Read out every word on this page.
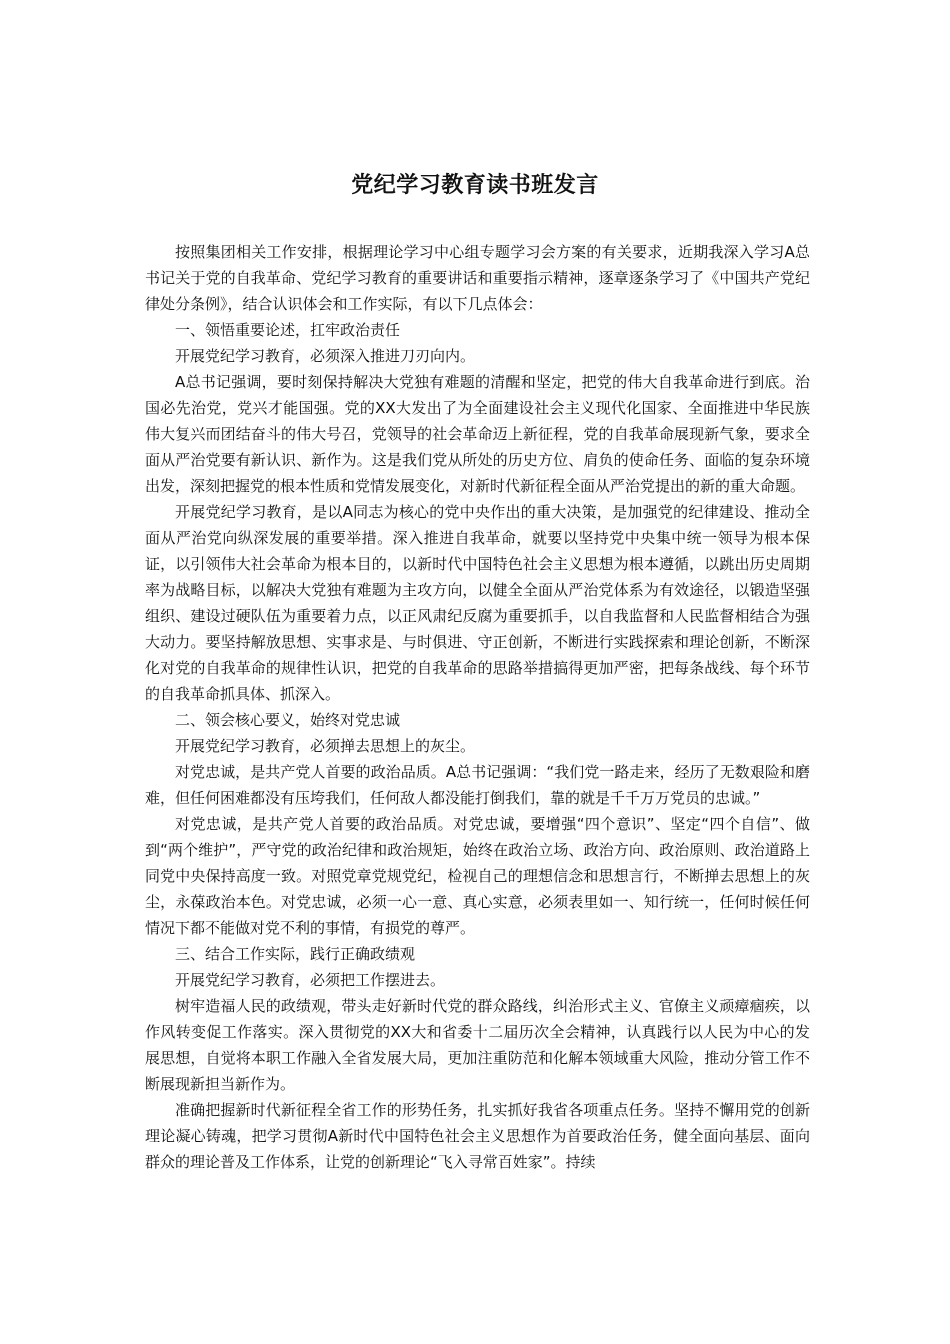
党纪学习教育读书班发言

按照集团相关工作安排，根据理论学习中心组专题学习会方案的有关要求，近期我深入学习A总书记关于党的自我革命、党纪学习教育的重要讲话和重要指示精神，逐章逐条学习了《中国共产党纪律处分条例》，结合认识体会和工作实际，有以下几点体会：

一、领悟重要论述，扛牢政治责任

开展党纪学习教育，必须深入推进刀刃向内。

A总书记强调，要时刻保持解决大党独有难题的清醒和坚定，把党的伟大自我革命进行到底。治国必先治党，党兴才能国强。党的XX大发出了为全面建设社会主义现代化国家、全面推进中华民族伟大复兴而团结奋斗的伟大号召，党领导的社会革命迈上新征程，党的自我革命展现新气象，要求全面从严治党要有新认识、新作为。这是我们党从所处的历史方位、肩负的使命任务、面临的复杂环境出发，深刻把握党的根本性质和党情发展变化，对新时代新征程全面从严治党提出的新的重大命题。

开展党纪学习教育，是以A同志为核心的党中央作出的重大决策，是加强党的纪律建设、推动全面从严治党向纵深发展的重要举措。深入推进自我革命，就要以坚持党中央集中统一领导为根本保证，以引领伟大社会革命为根本目的，以新时代中国特色社会主义思想为根本遵循，以跳出历史周期率为战略目标，以解决大党独有难题为主攻方向，以健全全面从严治党体系为有效途径，以锻造坚强组织、建设过硬队伍为重要着力点，以正风肃纪反腐为重要抓手，以自我监督和人民监督相结合为强大动力。要坚持解放思想、实事求是、与时俱进、守正创新，不断进行实践探索和理论创新，不断深化对党的自我革命的规律性认识，把党的自我革命的思路举措搞得更加严密，把每条战线、每个环节的自我革命抓具体、抓深入。

二、领会核心要义，始终对党忠诚

开展党纪学习教育，必须掸去思想上的灰尘。

对党忠诚，是共产党人首要的政治品质。A总书记强调：“我们党一路走来，经历了无数艰险和磨难，但任何困难都没有压垮我们，任何敌人都没能打倒我们，靠的就是千千万万党员的忠诚。”

对党忠诚，是共产党人首要的政治品质。对党忠诚，要增强“四个意识”、坚定“四个自信”、做到“两个维护”，严守党的政治纪律和政治规矩，始终在政治立场、政治方向、政治原则、政治道路上同党中央保持高度一致。对照党章党规党纪，检视自己的理想信念和思想言行，不断掸去思想上的灰尘，永葆政治本色。对党忠诚，必须一心一意、真心实意，必须表里如一、知行统一，任何时候任何情况下都不能做对党不利的事情，有损党的尊严。

三、结合工作实际，践行正确政绩观

开展党纪学习教育，必须把工作摆进去。

树牢造福人民的政绩观，带头走好新时代党的群众路线，纠治形式主义、官僚主义顽瘴痼疾，以作风转变促工作落实。深入贯彻党的XX大和省委十二届历次全会精神，认真践行以人民为中心的发展思想，自觉将本职工作融入全省发展大局，更加注重防范和化解本领域重大风险，推动分管工作不断展现新担当新作为。

准确把握新时代新征程全省工作的形势任务，扎实抓好我省各项重点任务。坚持不懈用党的创新理论凝心铸魂，把学习贯彻A新时代中国特色社会主义思想作为首要政治任务，健全面向基层、面向群众的理论普及工作体系，让党的创新理论“飞入寻常百姓家”。持续
